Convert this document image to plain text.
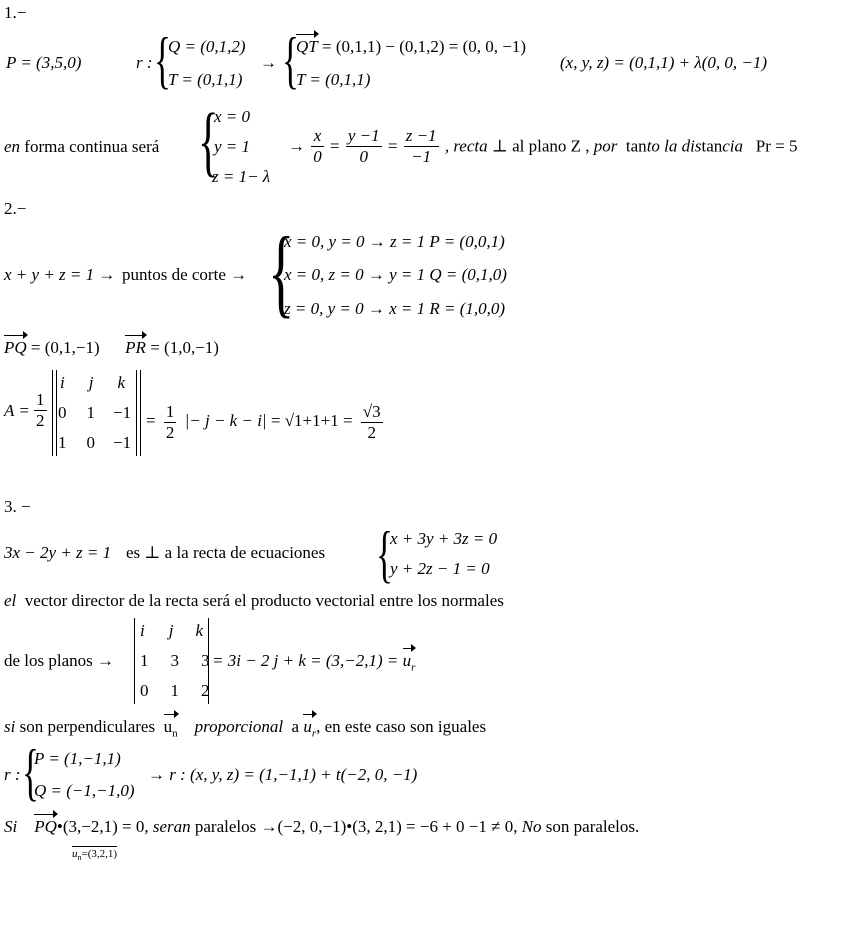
1.−
P = (3,5,0)	r : {
Q = (0,1,2)
T = (0,1,1)
→ {
QT = (0,1,1) − (0,1,2) = (0, 0, −1)
T = (0,1,1)
(x, y, z) = (0,1,1) + λ(0, 0, −1)
en forma continua será {
x = 0
y = 1
z = 1− λ
→ $\frac{x}{0} = \frac{y -1}{0} = \frac{z -1}{-1}$ , recta ⊥ al plano Z , por tanto la distancia Pr = 5
2.−
x + y + z = 1 → puntos de corte → {
x = 0, y = 0 → z = 1 P = (0,0,1)
x = 0, z = 0 → y = 1 Q = (0,1,0)
z = 0, y = 0 → x = 1 R = (1,0,0)
PQ = (0,1,−1) PR = (1,0,−1)
$A = \frac{1}{2}$
i j k
0 1 −1
1 0 −1
= $\frac{1}{2}$ |− $j - k - i| = √1+1+1 = \frac{√3}{2}$
3. −
3x − 2y + z = 1 es ⊥ a la recta de ecuaciones {
x + 3y + 3z = 0
y + 2z − 1 = 0
el vector director de la recta será el producto vectorial entre los normales
de los planos →
i j k
1 3 3
0 1 2
= 3i − 2 $j + k = (3,-2,1) = u_r$
si son perpendiculares $u_n$ proporcional a $u_r$, en este caso son iguales
r : {
P = (1,−1,1)
Q = (−1,−1,0)
→ r : (x, y, z) = (1,−1,1) + t(−2, 0, −1)
Si PQ•(3,−2,1) = 0, seran paralelos →(−2, 0,−1)•(3, 2,1) = −6 + 0 −1 ≠ 0, No son paralelos.
$u_n=(3,2,1)$
